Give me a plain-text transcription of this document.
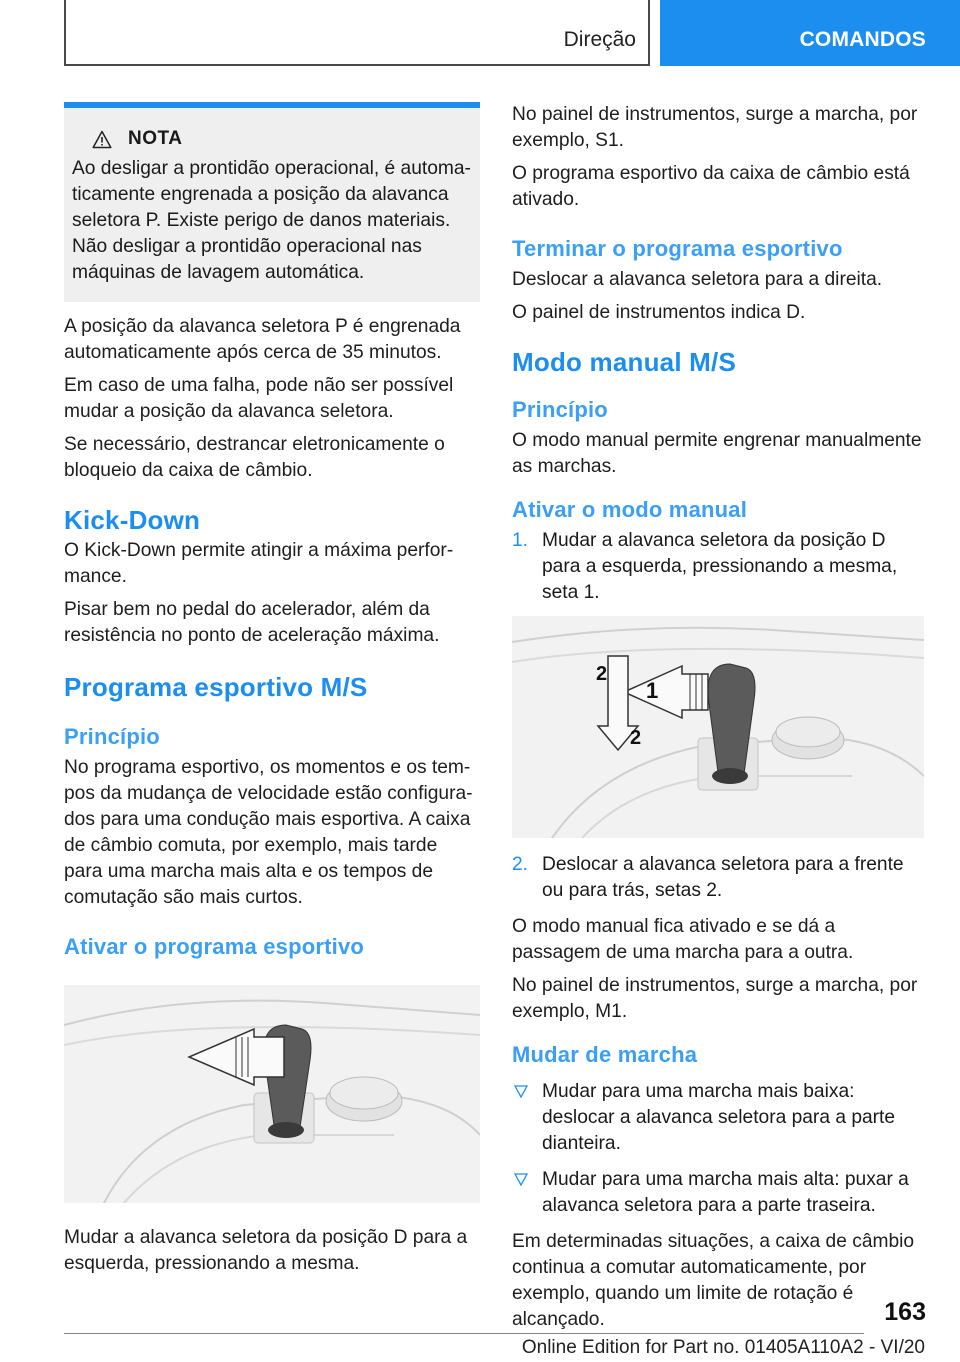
Direção	COMANDOS
NOTA

Ao desligar a prontidão operacional, é automaticamente engrenada a posição da alavanca seletora P. Existe perigo de danos materiais. Não desligar a prontidão operacional nas máquinas de lavagem automática.

A posição da alavanca seletora P é engrenada automaticamente após cerca de 35 minutos.

Em caso de uma falha, pode não ser possível mudar a posição da alavanca seletora.

Se necessário, destrancar eletronicamente o bloqueio da caixa de câmbio.

Kick-Down

O Kick-Down permite atingir a máxima performance.

Pisar bem no pedal do acelerador, além da resistência no ponto de aceleração máxima.

Programa esportivo M/S
Princípio

No programa esportivo, os momentos e os tempos da mudança de velocidade estão configurados para uma condução mais esportiva. A caixa de câmbio comuta, por exemplo, mais tarde para uma marcha mais alta e os tempos de comutação são mais curtos.

Ativar o programa esportivo

Mudar a alavanca seletora da posição D para a esquerda, pressionando a mesma.

No painel de instrumentos, surge a marcha, por exemplo, S1.

O programa esportivo da caixa de câmbio está ativado.

Terminar o programa esportivo

Deslocar a alavanca seletora para a direita.

O painel de instrumentos indica D.

Modo manual M/S
Princípio

O modo manual permite engrenar manualmente as marchas.

Ativar o modo manual
1. Mudar a alavanca seletora da posição D para a esquerda, pressionando a mesma, seta 1.
1
2
2
2. Deslocar a alavanca seletora para a frente ou para trás, setas 2.

O modo manual fica ativado e se dá a passagem de uma marcha para a outra.

No painel de instrumentos, surge a marcha, por exemplo, M1.

Mudar de marcha
Mudar para uma marcha mais baixa: deslocar a alavanca seletora para a parte dianteira.
Mudar para uma marcha mais alta: puxar a alavanca seletora para a parte traseira.

Em determinadas situações, a caixa de câmbio continua a comutar automaticamente, por exemplo, quando um limite de rotação é alcançado.	163
Online Edition for Part no. 01405A110A2 - VI/20
